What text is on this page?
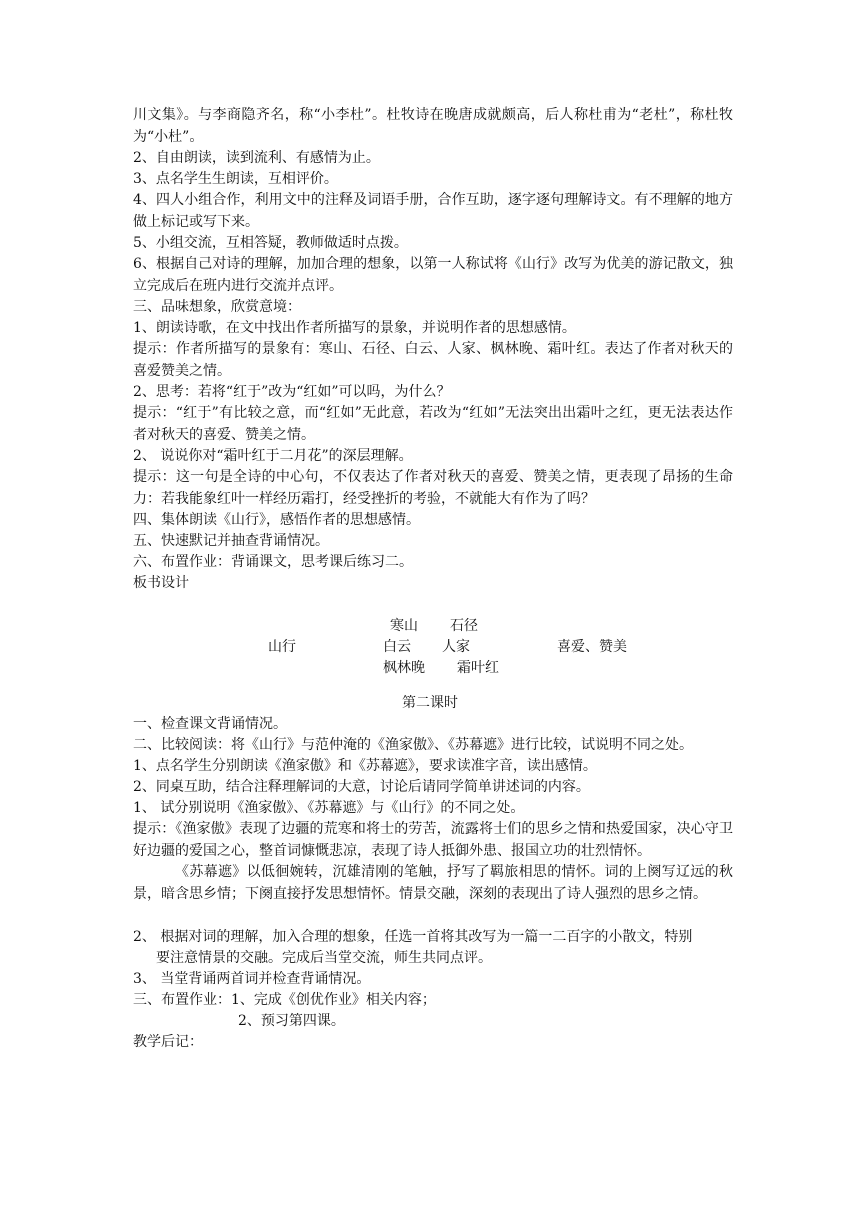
川文集》。与李商隐齐名，称“小李杜”。杜牧诗在晚唐成就颇高，后人称杜甫为“老杜”，称杜牧为“小杜”。

2、自由朗读，读到流利、有感情为止。

3、点名学生生朗读，互相评价。

4、四人小组合作，利用文中的注释及词语手册，合作互助，逐字逐句理解诗文。有不理解的地方做上标记或写下来。

5、小组交流，互相答疑，教师做适时点拨。

6、根据自己对诗的理解，加加合理的想象，以第一人称试将《山行》改写为优美的游记散文，独立完成后在班内进行交流并点评。

三、品味想象，欣赏意境：

1、朗读诗歌，在文中找出作者所描写的景象，并说明作者的思想感情。

提示：作者所描写的景象有：寒山、石径、白云、人家、枫林晚、霜叶红。表达了作者对秋天的喜爱赞美之情。

2、思考：若将“红于”改为“红如”可以吗，为什么？

提示：“红于”有比较之意，而“红如”无此意，若改为“红如”无法突出出霜叶之红，更无法表达作者对秋天的喜爱、赞美之情。

2、 说说你对“霜叶红于二月花”的深层理解。

提示：这一句是全诗的中心句，不仅表达了作者对秋天的喜爱、赞美之情，更表现了昂扬的生命力：若我能象红叶一样经历霜打，经受挫折的考验，不就能大有作为了吗？

四、集体朗读《山行》，感悟作者的思想感情。

五、快速默记并抽查背诵情况。

六、布置作业：背诵课文，思考课后练习二。

板书设计

寒山 石径

山行	白云 人家	喜爱、赞美

枫林晚 霜叶红

第二课时

一、检查课文背诵情况。

二、比较阅读：将《山行》与范仲淹的《渔家傲》、《苏幕遮》进行比较，试说明不同之处。

1、点名学生分别朗读《渔家傲》和《苏幕遮》，要求读准字音，读出感情。

2、同桌互助，结合注释理解词的大意，讨论后请同学简单讲述词的内容。

1、 试分别说明《渔家傲》、《苏幕遮》与《山行》的不同之处。

提示：《渔家傲》表现了边疆的荒寒和将士的劳苦，流露将士们的思乡之情和热爱国家，决心守卫好边疆的爱国之心，整首词慷慨悲凉，表现了诗人抵御外患、报国立功的壮烈情怀。

《苏幕遮》以低徊婉转，沉雄清刚的笔触，抒写了羁旅相思的情怀。词的上阕写辽远的秋景，暗含思乡情；下阕直接抒发思想情怀。情景交融，深刻的表现出了诗人强烈的思乡之情。

2、 根据对词的理解，加入合理的想象，任选一首将其改写为一篇一二百字的小散文，特别

要注意情景的交融。完成后当堂交流，师生共同点评。

3、 当堂背诵两首词并检查背诵情况。

三、布置作业：1、完成《创优作业》相关内容；

2、预习第四课。

教学后记：
